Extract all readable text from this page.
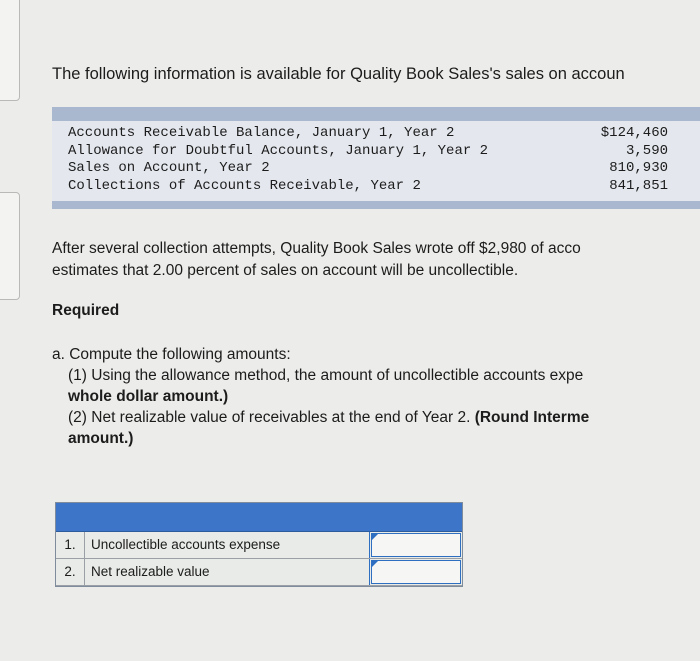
The following information is available for Quality Book Sales's sales on accoun
Accounts Receivable Balance, January 1, Year 2	$124,460
Allowance for Doubtful Accounts, January 1, Year 2	3,590
Sales on Account, Year 2	810,930
Collections of Accounts Receivable, Year 2	841,851
After several collection attempts, Quality Book Sales wrote off $2,980 of acco
estimates that 2.00 percent of sales on account will be uncollectible.
Required
a. Compute the following amounts:
(1) Using the allowance method, the amount of uncollectible accounts expe
whole dollar amount.)
(2) Net realizable value of receivables at the end of Year 2. (Round Interme
amount.)
1.	Uncollectible accounts expense
2.	Net realizable value
